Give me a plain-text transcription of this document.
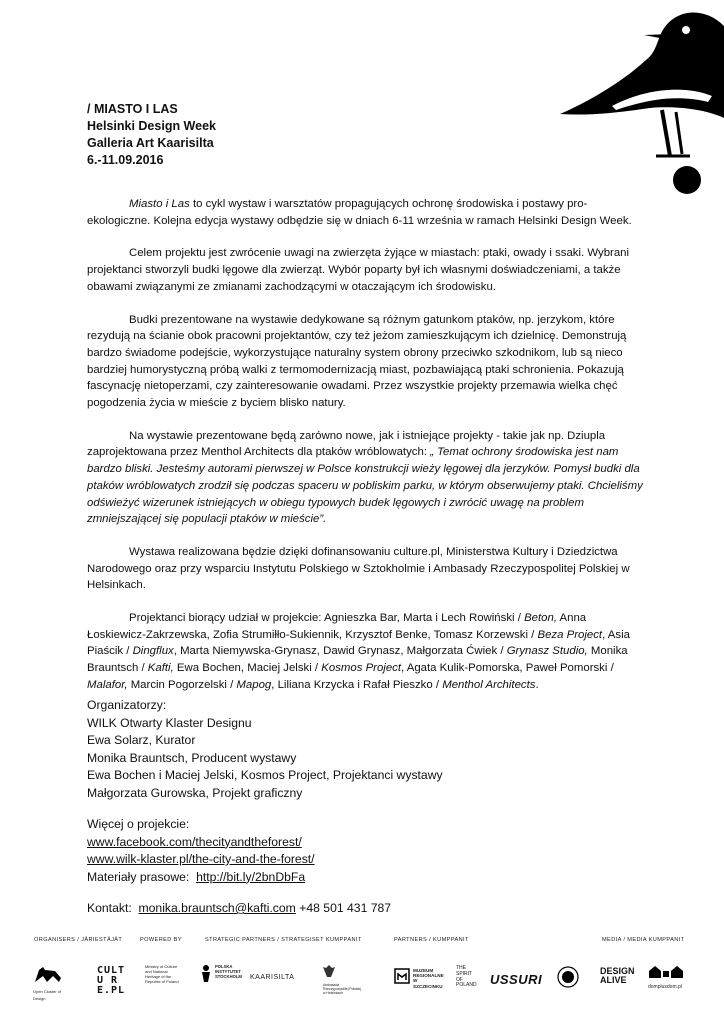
/ MIASTO I LAS
Helsinki Design Week
Galleria Art Kaarisilta
6.-11.09.2016

Miasto i Las to cykl wystaw i warsztatów propagujących ochronę środowiska i postawy pro-ekologiczne. Kolejna edycja wystawy odbędzie się w dniach 6-11 września w ramach Helsinki Design Week.

Celem projektu jest zwrócenie uwagi na zwierzęta żyjące w miastach: ptaki, owady i ssaki. Wybrani projektanci stworzyli budki lęgowe dla zwierząt. Wybór poparty był ich własnymi doświadczeniami, a także obawami związanymi ze zmianami zachodzącymi w otaczającym ich środowisku.

Budki prezentowane na wystawie dedykowane są różnym gatunkom ptaków, np. jerzykom, które rezydują na ścianie obok pracowni projektantów, czy też jeżom zamieszkującym ich dzielnicę. Demonstrują bardzo świadome podejście, wykorzystujące naturalny system obrony przeciwko szkodnikom, lub są nieco bardziej humorystyczną próbą walki z termomodernizacją miast, pozbawiającą ptaki schronienia. Pokazują fascynację nietoperzami, czy zainteresowanie owadami. Przez wszystkie projekty przemawia wielka chęć pogodzenia życia w mieście z byciem blisko natury.

Na wystawie prezentowane będą zarówno nowe, jak i istniejące projekty - takie jak np. Dziupla zaprojektowana przez Menthol Architects dla ptaków wróblowatych: „ Temat ochrony środowiska jest nam bardzo bliski. Jesteśmy autorami pierwszej w Polsce konstrukcji wieży lęgowej dla jerzyków. Pomysł budki dla ptaków wróblowatych zrodził się podczas spaceru w pobliskim parku, w którym obserwujemy ptaki. Chcieliśmy odświeżyć wizerunek istniejących w obiegu typowych budek lęgowych i zwrócić uwagę na problem zmniejszającej się populacji ptaków w mieście”.

Wystawa realizowana będzie dzięki dofinansowaniu culture.pl, Ministerstwa Kultury i Dziedzictwa Narodowego oraz przy wsparciu Instytutu Polskiego w Sztokholmie i Ambasady Rzeczypospolitej Polskiej w Helsinkach.

Projektanci biorący udział w projekcie: Agnieszka Bar, Marta i Lech Rowiński / Beton, Anna Łoskiewicz-Zakrzewska, Zofia Strumiłło-Sukiennik, Krzysztof Benke, Tomasz Korzewski / Beza Project, Asia Piaścik / Dingflux, Marta Niemywska-Grynasz, Dawid Grynasz, Małgorzata Ćwiek / Grynasz Studio, Monika Brauntsch / Kafti, Ewa Bochen, Maciej Jelski / Kosmos Project, Agata Kulik-Pomorska, Paweł Pomorski / Malafor, Marcin Pogorzelski / Mapog, Liliana Krzycka i Rafał Pieszko / Menthol Architects.

Organizatorzy:
WILK Otwarty Klaster Designu
Ewa Solarz, Kurator
Monika Brauntsch, Producent wystawy
Ewa Bochen i Maciej Jelski, Kosmos Project, Projektanci wystawy
Małgorzata Gurowska, Projekt graficzny
Więcej o projekcie:
www.facebook.com/thecityandtheforest/
www.wilk-klaster.pl/the-city-and-the-forest/
Materiały prasowe: http://bit.ly/2bnDbFa
Kontakt: monika.brauntsch@kafti.com +48 501 431 787
ORGANISERS / JÄRIESTÄJÄT	POWERED BY	STRATEGIC PARTNERS / STRATEGISET KUMPPANIT	PARTNERS / KUMPPANIT	MEDIA / MEDIA KUMPPANIT
Open Cluster of Design
CULTU RE.PL
Ministry of Culture and National Heritage of the Republic of Poland
POLSKA INSTYTUTET STOCKHOLM KAARISILTA
Ambasada Rzeczypospolitej Polskiej w Helsinkach
MUZEUM REGIONALNE W SZCZECINKU
THE SPIRIT OF POLAND USSURI
DESIGN ALIVE
domplusdom.pl
